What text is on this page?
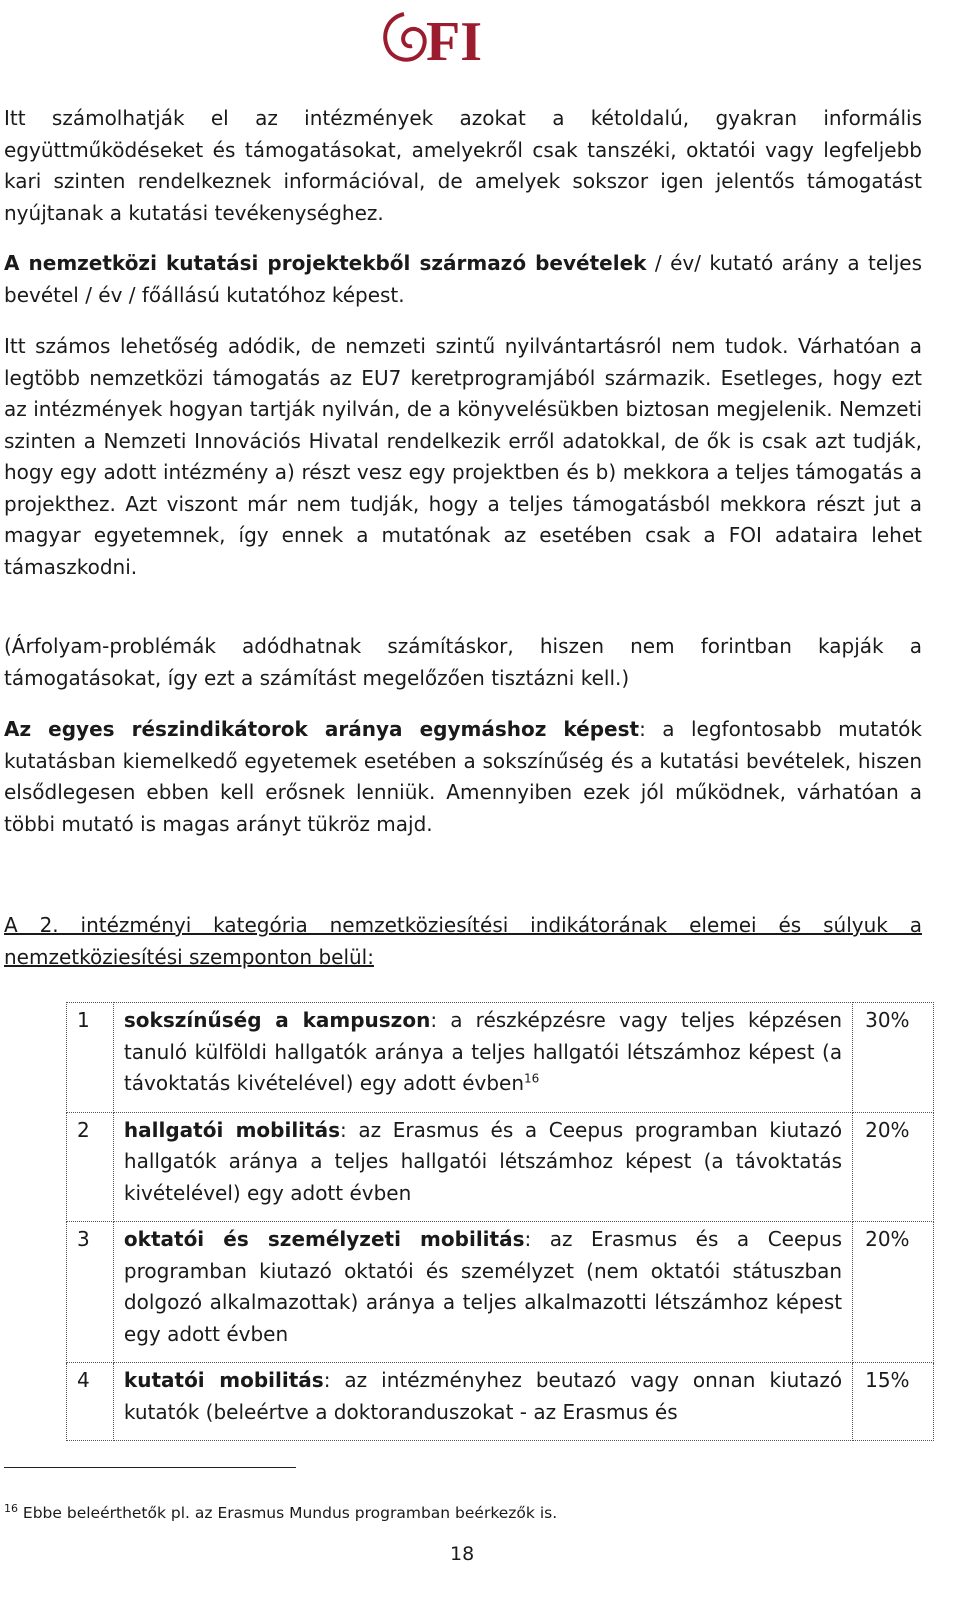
FI
Itt számolhatják el az intézmények azokat a kétoldalú, gyakran informális együttműködéseket és támogatásokat, amelyekről csak tanszéki, oktatói vagy legfeljebb kari szinten rendelkeznek információval, de amelyek sokszor igen jelentős támogatást nyújtanak a kutatási tevékenységhez.
A nemzetközi kutatási projektekből származó bevételek / év/ kutató arány a teljes bevétel / év / főállású kutatóhoz képest.
Itt számos lehetőség adódik, de nemzeti szintű nyilvántartásról nem tudok. Várhatóan a legtöbb nemzetközi támogatás az EU7 keretprogramjából származik. Esetleges, hogy ezt az intézmények hogyan tartják nyilván, de a könyvelésükben biztosan megjelenik. Nemzeti szinten a Nemzeti Innovációs Hivatal rendelkezik erről adatokkal, de ők is csak azt tudják, hogy egy adott intézmény a) részt vesz egy projektben és b) mekkora a teljes támogatás a projekthez. Azt viszont már nem tudják, hogy a teljes támogatásból mekkora részt jut a magyar egyetemnek, így ennek a mutatónak az esetében csak a FOI adataira lehet támaszkodni.
(Árfolyam-problémák adódhatnak számításkor, hiszen nem forintban kapják a támogatásokat, így ezt a számítást megelőzően tisztázni kell.)
Az egyes részindikátorok aránya egymáshoz képest: a legfontosabb mutatók kutatásban kiemelkedő egyetemek esetében a sokszínűség és a kutatási bevételek, hiszen elsődlegesen ebben kell erősnek lenniük. Amennyiben ezek jól működnek, várhatóan a többi mutató is magas arányt tükröz majd.
A 2. intézményi kategória nemzetköziesítési indikátorának elemei és súlyuk a nemzetköziesítési szemponton belül:
1	sokszínűség a kampuszon: a részképzésre vagy teljes képzésen tanuló külföldi hallgatók aránya a teljes hallgatói létszámhoz képest (a távoktatás kivételével) egy adott évben$^{16}$	30%
2	hallgatói mobilitás: az Erasmus és a Ceepus programban kiutazó hallgatók aránya a teljes hallgatói létszámhoz képest (a távoktatás kivételével) egy adott évben	20%
3	oktatói és személyzeti mobilitás: az Erasmus és a Ceepus programban kiutazó oktatói és személyzet (nem oktatói státuszban dolgozó alkalmazottak) aránya a teljes alkalmazotti létszámhoz képest egy adott évben	20%
4	kutatói mobilitás: az intézményhez beutazó vagy onnan kiutazó kutatók (beleértve a doktoranduszokat - az Erasmus és	15%
$^{16}$ Ebbe beleérthetők pl. az Erasmus Mundus programban beérkezők is.
18
